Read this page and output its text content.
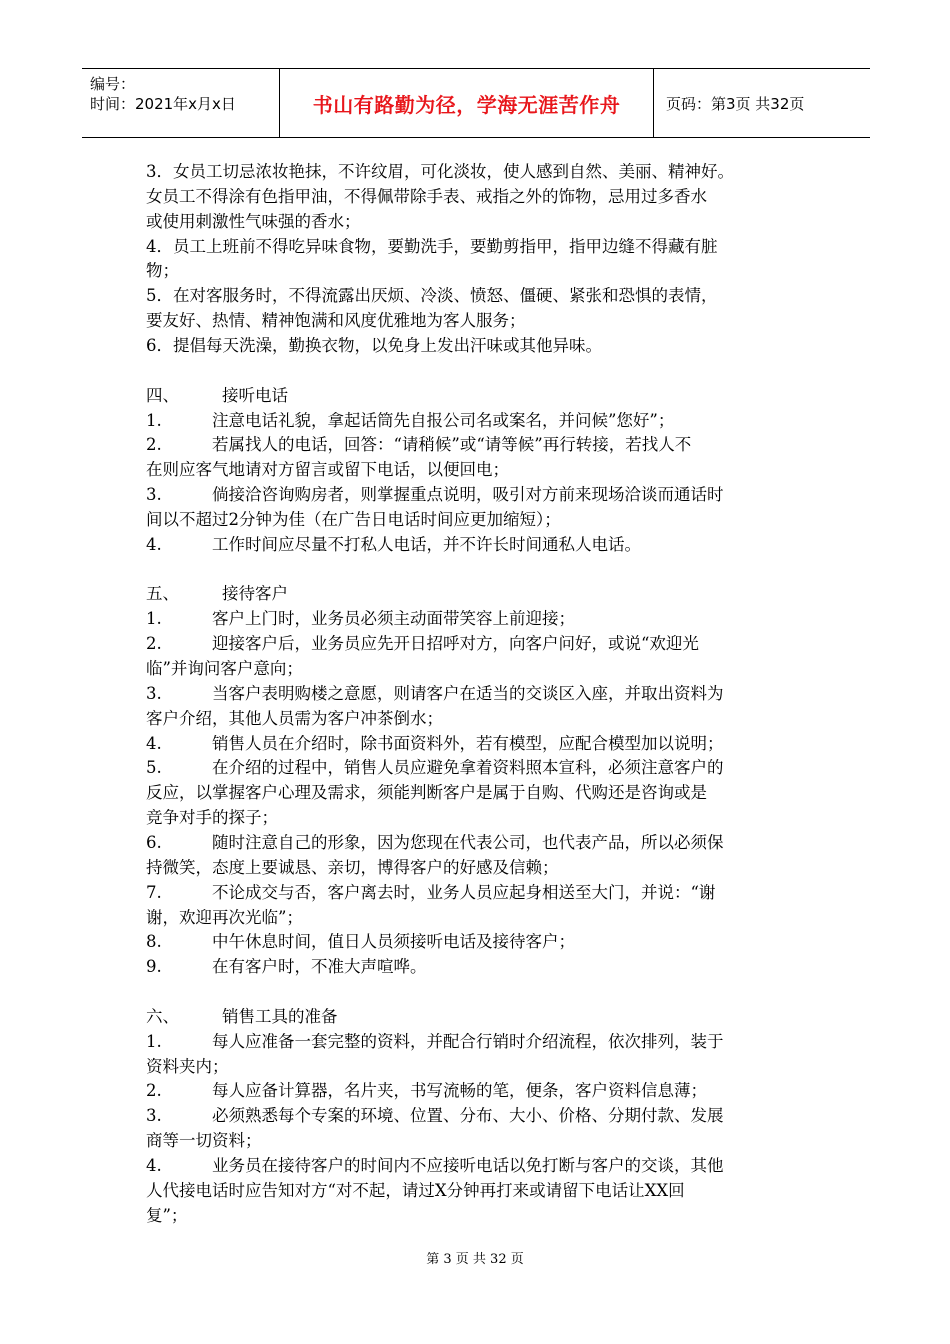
编号：
时间：2021年x月x日	书山有路勤为径，学海无涯苦作舟	页码：第3页 共32页
3．女员工切忌浓妆艳抹，不许纹眉，可化淡妆，使人感到自然、美丽、精神好。
女员工不得涂有色指甲油，不得佩带除手表、戒指之外的饰物，忌用过多香水
或使用刺激性气味强的香水；
4．员工上班前不得吃异味食物，要勤洗手，要勤剪指甲，指甲边缝不得藏有脏
物；
5．在对客服务时，不得流露出厌烦、冷淡、愤怒、僵硬、紧张和恐惧的表情，
要友好、热情、精神饱满和风度优雅地为客人服务；
6．提倡每天洗澡，勤换衣物，以免身上发出汗味或其他异味。
四、	接听电话
1.	注意电话礼貌，拿起话筒先自报公司名或案名，并问候”您好”；
2.	若属找人的电话，回答：“请稍候”或“请等候”再行转接，若找人不
在则应客气地请对方留言或留下电话，以便回电；
3.	倘接洽咨询购房者，则掌握重点说明，吸引对方前来现场洽谈而通话时
间以不超过2分钟为佳（在广告日电话时间应更加缩短）；
4.	工作时间应尽量不打私人电话，并不许长时间通私人电话。
五、	接待客户
1.	客户上门时，业务员必须主动面带笑容上前迎接；
2.	迎接客户后，业务员应先开日招呼对方，向客户问好，或说“欢迎光
临”并询问客户意向；
3.	当客户表明购楼之意愿，则请客户在适当的交谈区入座，并取出资料为
客户介绍，其他人员需为客户冲茶倒水；
4.	销售人员在介绍时，除书面资料外，若有模型，应配合模型加以说明；
5.	在介绍的过程中，销售人员应避免拿着资料照本宣科，必须注意客户的
反应，以掌握客户心理及需求，须能判断客户是属于自购、代购还是咨询或是
竞争对手的探子；
6.	随时注意自己的形象，因为您现在代表公司，也代表产品，所以必须保
持微笑，态度上要诚恳、亲切，博得客户的好感及信赖；
7.	不论成交与否，客户离去时，业务人员应起身相送至大门，并说：“谢
谢，欢迎再次光临”；
8.	中午休息时间，值日人员须接听电话及接待客户；
9.	在有客户时，不准大声喧哗。
六、	销售工具的准备
1.	每人应准备一套完整的资料，并配合行销时介绍流程，依次排列，装于
资料夹内；
2.	每人应备计算器，名片夹，书写流畅的笔，便条，客户资料信息薄；
3.	必须熟悉每个专案的环境、位置、分布、大小、价格、分期付款、发展
商等一切资料；
4.	业务员在接待客户的时间内不应接听电话以免打断与客户的交谈，其他
人代接电话时应告知对方“对不起，请过X分钟再打来或请留下电话让XX回
复”；
第 3 页 共 32 页
